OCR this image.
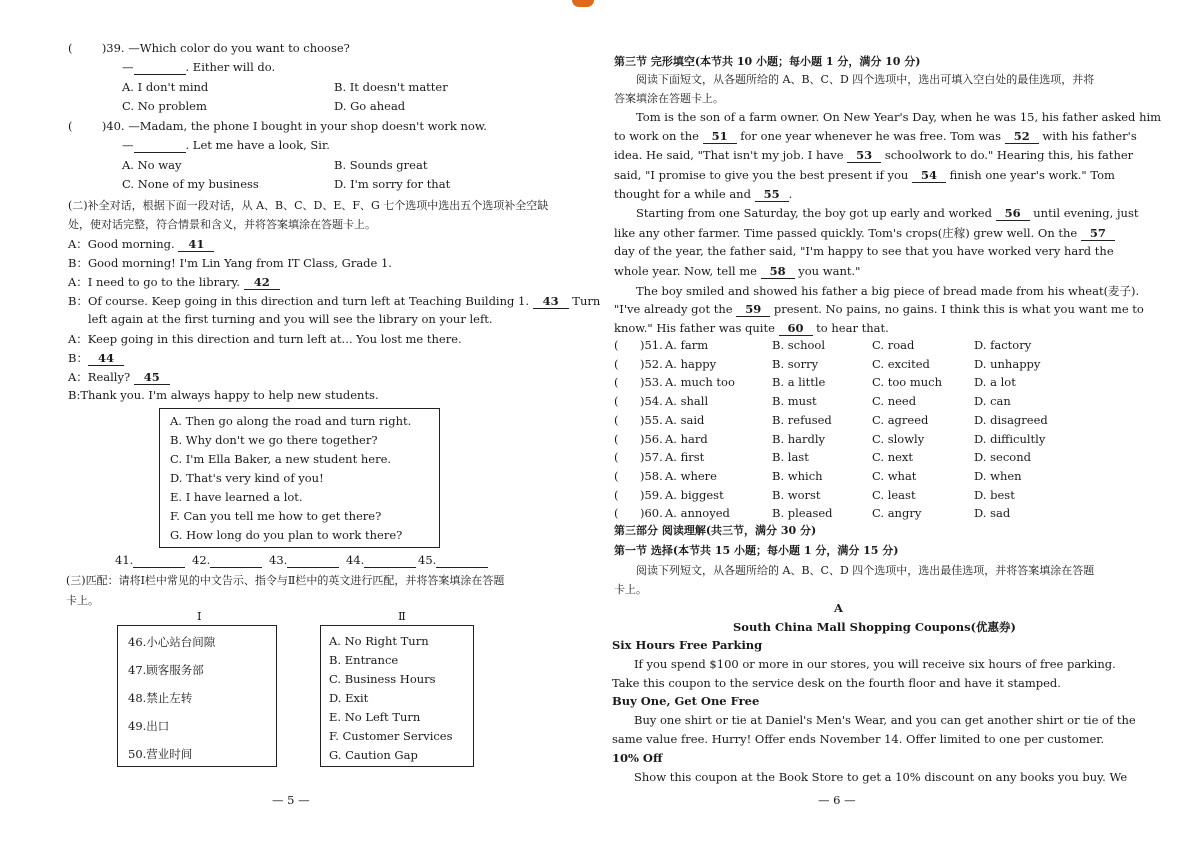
(	)39. —Which color do you want to choose?
—	. Either will do.
A. I don't mind	B. It doesn't matter
C. No problem	D. Go ahead
(	)40. —Madam, the phone I bought in your shop doesn't work now.
—	. Let me have a look, Sir.
A. No way	B. Sounds great
C. None of my business	D. I'm sorry for that
(二)补全对话，根据下面一段对话，从 A、B、C、D、E、F、G 七个选项中选出五个选项补全空缺
处，使对话完整，符合情景和含义，并将答案填涂在答题卡上。
A：Good morning. 41
B：Good morning! I'm Lin Yang from IT Class, Grade 1.
A：I need to go to the library. 42
B：Of course. Keep going in this direction and turn left at Teaching Building 1. 43 Turn
left again at the first turning and you will see the library on your left.
A：Keep going in this direction and turn left at... You lost me there.
B： 44
A：Really? 45
B:Thank you. I'm always happy to help new students.
A. Then go along the road and turn right.
B. Why don't we go there together?
C. I'm Ella Baker, a new student here.
D. That's very kind of you!
E. I have learned a lot.
F. Can you tell me how to get there?
G. How long do you plan to work there?
41.	42.	43.	44.	45.
(三)匹配：请将Ⅰ栏中常见的中文告示、指令与Ⅱ栏中的英文进行匹配，并将答案填涂在答题
卡上。
Ⅰ	Ⅱ
46.小心站台间隙
47.顾客服务部
48.禁止左转
49.出口
50.营业时间
A. No Right Turn
B. Entrance
C. Business Hours
D. Exit
E. No Left Turn
F. Customer Services
G. Caution Gap
— 5 —
第三节 完形填空(本节共 10 小题；每小题 1 分，满分 10 分)
阅读下面短文，从各题所给的 A、B、C、D 四个选项中，选出可填入空白处的最佳选项，并将
答案填涂在答题卡上。
Tom is the son of a farm owner. On New Year's Day, when he was 15, his father asked him
to work on the 51 for one year whenever he was free. Tom was 52 with his father's
idea. He said, "That isn't my job. I have 53 schoolwork to do." Hearing this, his father
said, "I promise to give you the best present if you 54 finish one year's work." Tom
thought for a while and 55 .
Starting from one Saturday, the boy got up early and worked 56 until evening, just
like any other farmer. Time passed quickly. Tom's crops(庄稼) grew well. On the 57
day of the year, the father said, "I'm happy to see that you have worked very hard the
whole year. Now, tell me 58 you want."
The boy smiled and showed his father a big piece of bread made from his wheat(麦子).
"I've already got the 59 present. No pains, no gains. I think this is what you want me to
know." His father was quite 60 to hear that.
( )51. A. farm	B. school	C. road	D. factory
( )52. A. happy	B. sorry	C. excited	D. unhappy
( )53. A. much too	B. a little	C. too much	D. a lot
( )54. A. shall	B. must	C. need	D. can
( )55. A. said	B. refused	C. agreed	D. disagreed
( )56. A. hard	B. hardly	C. slowly	D. difficultly
( )57. A. first	B. last	C. next	D. second
( )58. A. where	B. which	C. what	D. when
( )59. A. biggest	B. worst	C. least	D. best
( )60. A. annoyed	B. pleased	C. angry	D. sad
第三部分 阅读理解(共三节，满分 30 分)
第一节 选择(本节共 15 小题；每小题 1 分，满分 15 分)
阅读下列短文，从各题所给的 A、B、C、D 四个选项中，选出最佳选项，并将答案填涂在答题
卡上。
A
South China Mall Shopping Coupons(优惠券)
Six Hours Free Parking
If you spend $100 or more in our stores, you will receive six hours of free parking.
Take this coupon to the service desk on the fourth floor and have it stamped.
Buy One, Get One Free
Buy one shirt or tie at Daniel's Men's Wear, and you can get another shirt or tie of the
same value free. Hurry! Offer ends November 14. Offer limited to one per customer.
10% Off
Show this coupon at the Book Store to get a 10% discount on any books you buy. We
— 6 —
